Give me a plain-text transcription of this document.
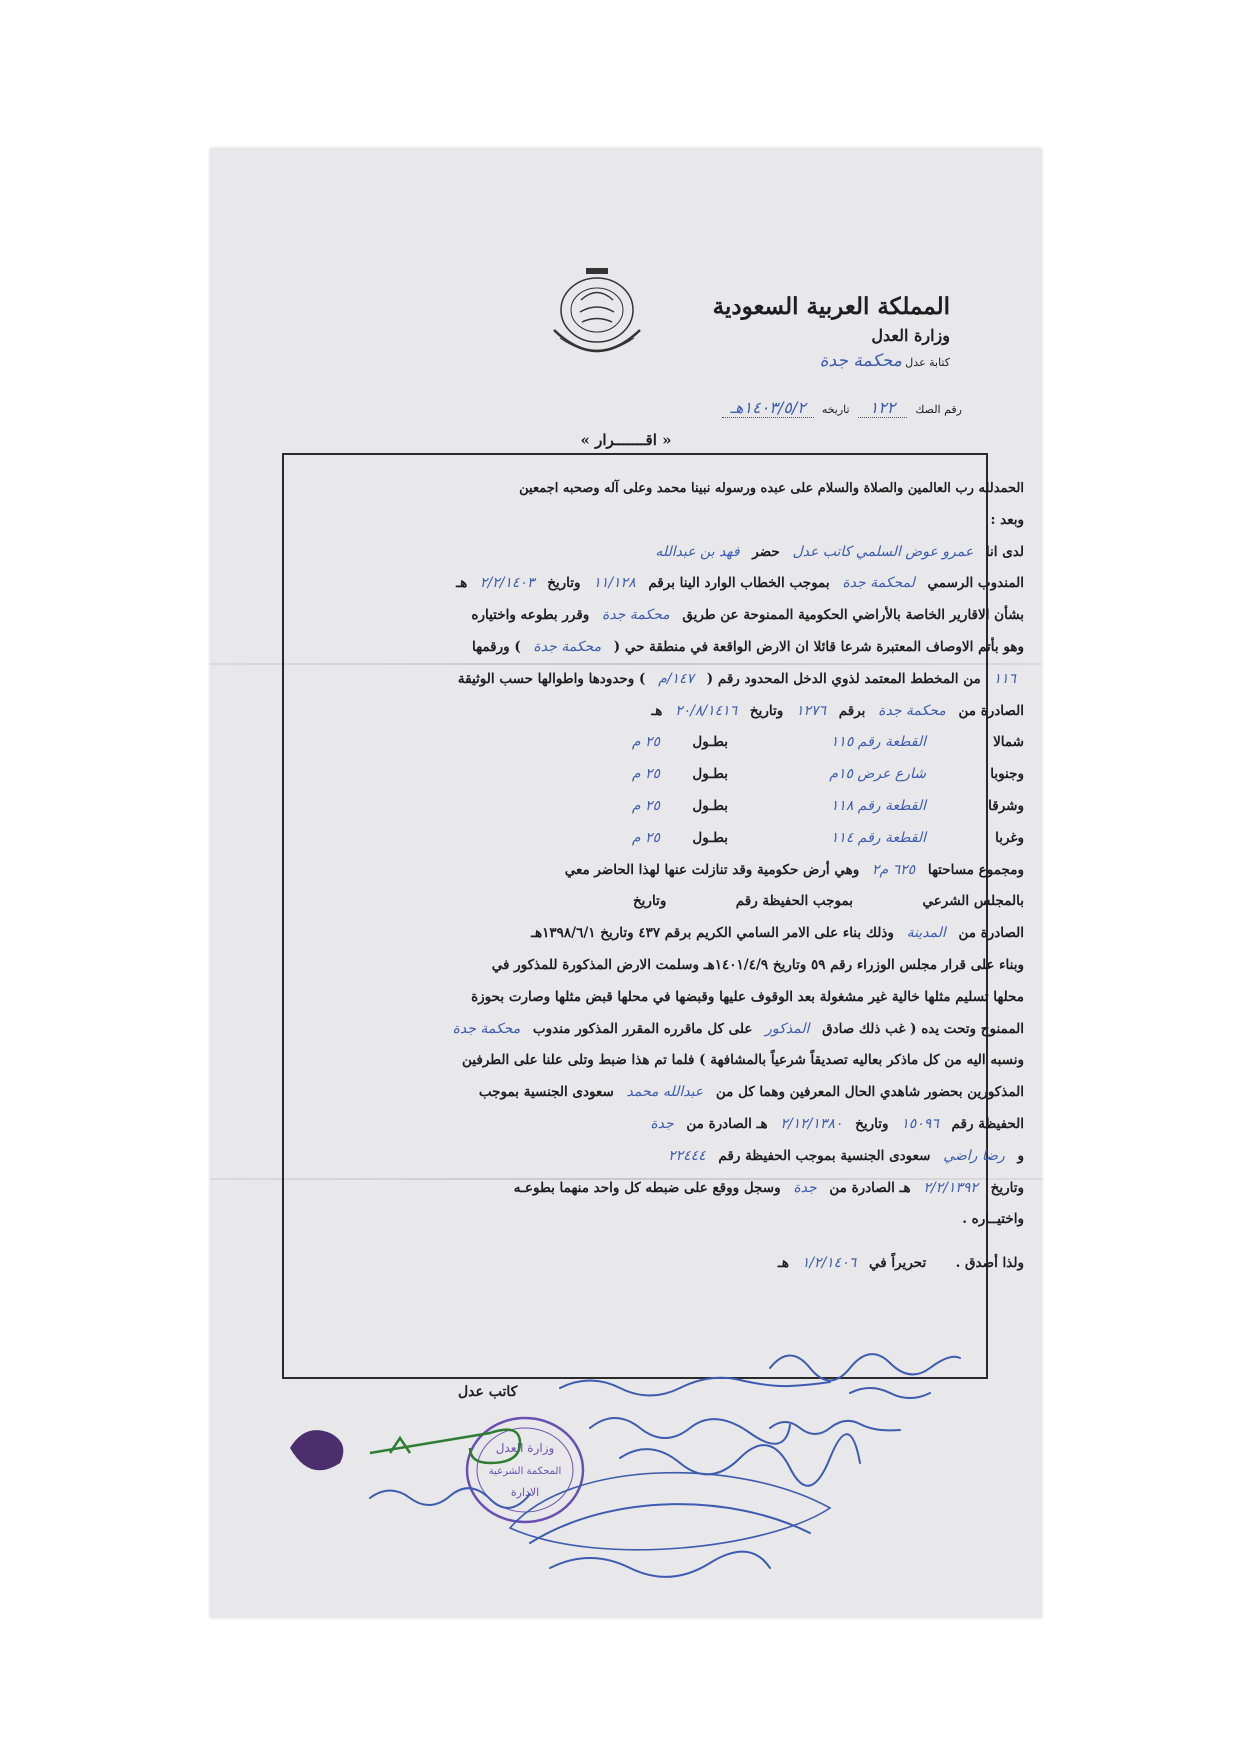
المملكة العربية السعودية
وزارة العدل
كتابة عدل محكمة جدة
رقم الصك
١٢٢
تاريخه
١٤٠٣/٥/٢هـ
« اقـــــــرار »
الحمدلله رب العالمين والصلاة والسلام على عبده ورسوله نبينا محمد وعلى آله وصحبه اجمعين
وبعد :
لدى انا عمرو عوض السلمي كاتب عدل حضر فهد بن عبدالله
المندوب الرسمي لمحكمة جدة بموجب الخطاب الوارد الينا برقم ١١/١٢٨ وتاريخ ٢/٢/١٤٠٣ هـ
بشأن الاقارير الخاصة بالأراضي الحكومية الممنوحة عن طريق محكمة جدة وقرر بطوعه واختياره
وهو بأتم الاوصاف المعتبرة شرعا قائلا ان الارض الواقعة في منطقة حي ( محكمة جدة ) ورقمها
١١٦ من المخطط المعتمد لذوي الدخل المحدود رقم ( ١٤٧/م ) وحدودها واطوالها حسب الوثيقة
الصادرة من محكمة جدة برقم ١٢٧٦ وتاريخ ٢٠/٨/١٤١٦ هـ
شمالا
القطعة رقم ١١٥
بطـول
٢٥ م
وجنوبا
شارع عرض ١٥م
بطـول
٢٥ م
وشرقا
القطعة رقم ١١٨
بطـول
٢٥ م
وغربا
القطعة رقم ١١٤
بطـول
٢٥ م
ومجموع مساحتها ٦٢٥ م٢ وهي أرض حكومية وقد تنازلت عنها لهذا الحاضر معي
بالمجلس الشرعي  بموجب الحفيظة رقم  وتاريخ
الصادرة من المدينة وذلك بناء على الامر السامي الكريم برقم ٤٣٧ وتاريخ ١٣٩٨/٦/١هـ
وبناء على قرار مجلس الوزراء رقم ٥٩ وتاريخ ١٤٠١/٤/٩هـ وسلمت الارض المذكورة للمذكور في
محلها تسليم مثلها خالية غير مشغولة بعد الوقوف عليها وقبضها في محلها قبض مثلها وصارت بحوزة
الممنوح وتحت يده ( غب ذلك صادق المذكور على كل ماقرره المقرر المذكور مندوب محكمة جدة
ونسبه اليه من كل ماذكر بعاليه تصديقاً شرعياً بالمشافهة ) فلما تم هذا ضبط وتلى علنا على الطرفين
المذكورين بحضور شاهدي الحال المعرفين وهما كل من عبدالله محمد سعودى الجنسية بموجب
الحفيظة رقم ١٥٠٩٦ وتاريخ ٢/١٢/١٣٨٠ هـ الصادرة من جدة
و رضا راضي سعودى الجنسية بموجب الحفيظة رقم ٢٢٤٤٤
وتاريخ ٢/٢/١٣٩٢ هـ الصادرة من جدة وسجل ووقع على ضبطه كل واحد منهما بطوعـه
واختيــاره .
ولذا أصدق .  تحريراً في ١/٢/١٤٠٦ هـ
كاتب عدل
وزارة العدل
المحكمة الشرعية
الادارة
